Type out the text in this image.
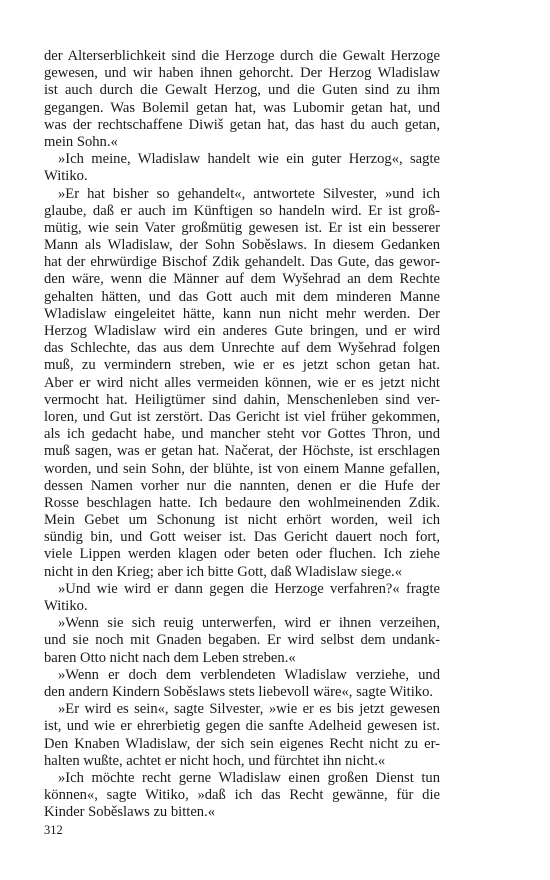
der Alterserblichkeit sind die Herzoge durch die Gewalt Herzoge
gewesen, und wir haben ihnen gehorcht. Der Herzog Wladislaw
ist auch durch die Gewalt Herzog, und die Guten sind zu ihm
gegangen. Was Bolemil getan hat, was Lubomir getan hat, und
was der rechtschaffene Diwiš getan hat, das hast du auch getan,
mein Sohn.«
»Ich meine, Wladislaw handelt wie ein guter Herzog«, sagte
Witiko.
»Er hat bisher so gehandelt«, antwortete Silvester, »und ich
glaube, daß er auch im Künftigen so handeln wird. Er ist groß-
mütig, wie sein Vater großmütig gewesen ist. Er ist ein besserer
Mann als Wladislaw, der Sohn Soběslaws. In diesem Gedanken
hat der ehrwürdige Bischof Zdik gehandelt. Das Gute, das gewor-
den wäre, wenn die Männer auf dem Wyšehrad an dem Rechte
gehalten hätten, und das Gott auch mit dem minderen Manne
Wladislaw eingeleitet hätte, kann nun nicht mehr werden. Der
Herzog Wladislaw wird ein anderes Gute bringen, und er wird
das Schlechte, das aus dem Unrechte auf dem Wyšehrad folgen
muß, zu vermindern streben, wie er es jetzt schon getan hat.
Aber er wird nicht alles vermeiden können, wie er es jetzt nicht
vermocht hat. Heiligtümer sind dahin, Menschenleben sind ver-
loren, und Gut ist zerstört. Das Gericht ist viel früher gekommen,
als ich gedacht habe, und mancher steht vor Gottes Thron, und
muß sagen, was er getan hat. Načerat, der Höchste, ist erschlagen
worden, und sein Sohn, der blühte, ist von einem Manne gefallen,
dessen Namen vorher nur die nannten, denen er die Hufe der
Rosse beschlagen hatte. Ich bedaure den wohlmeinenden Zdik.
Mein Gebet um Schonung ist nicht erhört worden, weil ich
sündig bin, und Gott weiser ist. Das Gericht dauert noch fort,
viele Lippen werden klagen oder beten oder fluchen. Ich ziehe
nicht in den Krieg; aber ich bitte Gott, daß Wladislaw siege.«
»Und wie wird er dann gegen die Herzoge verfahren?« fragte
Witiko.
»Wenn sie sich reuig unterwerfen, wird er ihnen verzeihen,
und sie noch mit Gnaden begaben. Er wird selbst dem undank-
baren Otto nicht nach dem Leben streben.«
»Wenn er doch dem verblendeten Wladislaw verziehe, und
den andern Kindern Soběslaws stets liebevoll wäre«, sagte Witiko.
»Er wird es sein«, sagte Silvester, »wie er es bis jetzt gewesen
ist, und wie er ehrerbietig gegen die sanfte Adelheid gewesen ist.
Den Knaben Wladislaw, der sich sein eigenes Recht nicht zu er-
halten wußte, achtet er nicht hoch, und fürchtet ihn nicht.«
»Ich möchte recht gerne Wladislaw einen großen Dienst tun
können«, sagte Witiko, »daß ich das Recht gewänne, für die
Kinder Soběslaws zu bitten.«
312
